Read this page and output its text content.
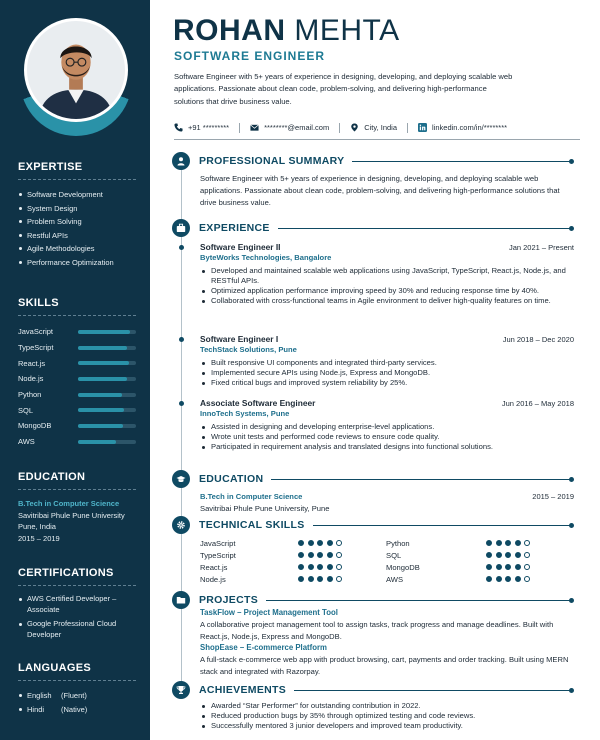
EXPERTISE
Software Development
System Design
Problem Solving
Restful APIs
Agile Methodologies
Performance Optimization
SKILLS
JavaScript
TypeScript
React.js
Node.js
Python
SQL
MongoDB
AWS
EDUCATION
B.Tech in Computer Science
Savitribai Phule Pune University
Pune, India
2015 – 2019
CERTIFICATIONS
AWS Certified Developer – Associate
Google Professional Cloud Developer
LANGUAGES
English	(Fluent)
Hindi	(Native)
ROHAN MEHTA
SOFTWARE ENGINEER
Software Engineer with 5+ years of experience in designing, developing, and deploying scalable web applications. Passionate about clean code, problem-solving, and delivering high-performance solutions that drive business value.
+91 *********	********@email.com	City, India	linkedin.com/in/********
PROFESSIONAL SUMMARY
Software Engineer with 5+ years of experience in designing, developing, and deploying scalable web applications. Passionate about clean code, problem-solving, and delivering high-performance solutions that drive business value.
EXPERIENCE
Software Engineer II	Jan 2021 – Present
ByteWorks Technologies, Bangalore
Developed and maintained scalable web applications using JavaScript, TypeScript, React.js, Node.js, and RESTful APIs.
Optimized application performance improving speed by 30% and reducing response time by 40%.
Collaborated with cross-functional teams in Agile environment to deliver high-quality features on time.
Software Engineer I	Jun 2018 – Dec 2020
TechStack Solutions, Pune
Built responsive UI components and integrated third-party services.
Implemented secure APIs using Node.js, Express and MongoDB.
Fixed critical bugs and improved system reliability by 25%.
Associate Software Engineer	Jun 2016 – May 2018
InnoTech Systems, Pune
Assisted in designing and developing enterprise-level applications.
Wrote unit tests and performed code reviews to ensure code quality.
Participated in requirement analysis and translated designs into functional solutions.
EDUCATION
B.Tech in Computer Science	2015 – 2019
Savitribai Phule Pune University, Pune
TECHNICAL SKILLS
JavaScript	Python
TypeScript	SQL
React.js	MongoDB
Node.js	AWS
PROJECTS
TaskFlow – Project Management Tool
A collaborative project management tool to assign tasks, track progress and manage deadlines. Built with React.js, Node.js, Express and MongoDB.
ShopEase – E-commerce Platform
A full-stack e-commerce web app with product browsing, cart, payments and order tracking. Built using MERN stack and integrated with Razorpay.
ACHIEVEMENTS
Awarded “Star Performer” for outstanding contribution in 2022.
Reduced production bugs by 35% through optimized testing and code reviews.
Successfully mentored 3 junior developers and improved team productivity.
